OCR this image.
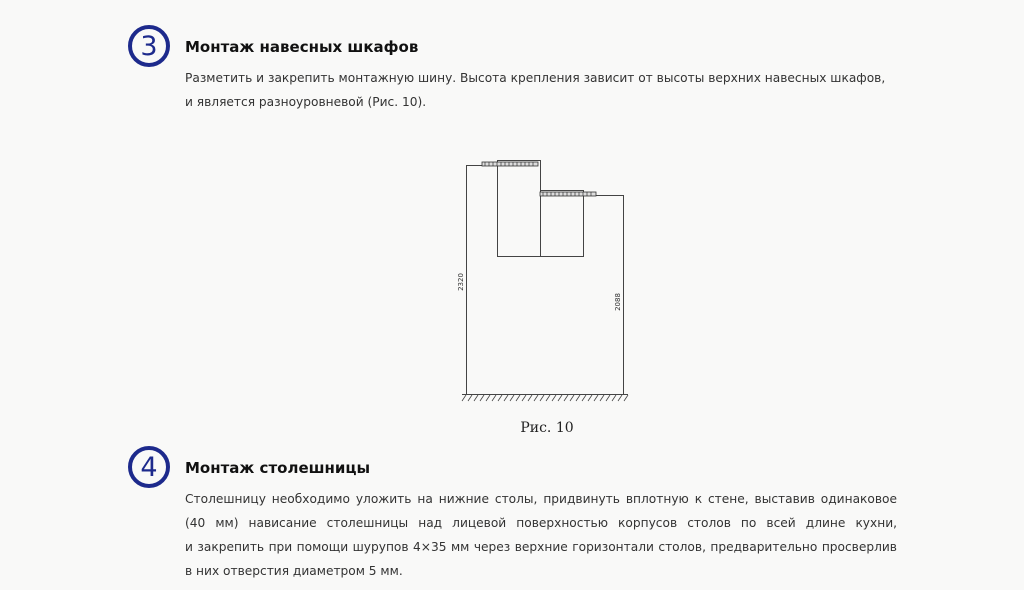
3	Монтаж навесных шкафов
Разметить и закрепить монтажную шину. Высота крепления зависит от высоты верхних навесных шкафов,
и является разноуровневой (Рис. 10).
2320
2088
Рис. 10
4	Монтаж столешницы
Столешницу необходимо уложить на нижние столы, придвинуть вплотную к стене, выставив одинаковое
(40 мм) нависание столешницы над лицевой поверхностью корпусов столов по всей длине кухни,
и закрепить при помощи шурупов 4×35 мм через верхние горизонтали столов, предварительно просверлив
в них отверстия диаметром 5 мм.
